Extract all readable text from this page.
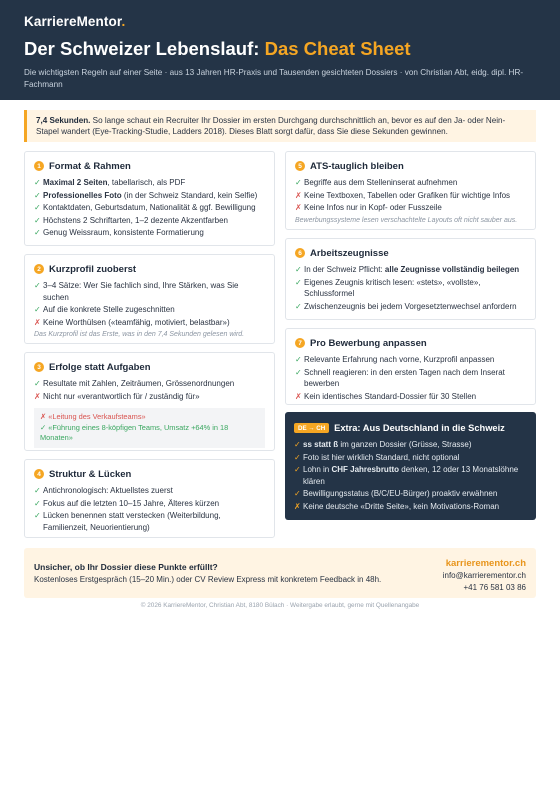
KarriereMentor.
Der Schweizer Lebenslauf: Das Cheat Sheet
Die wichtigsten Regeln auf einer Seite · aus 13 Jahren HR-Praxis und Tausenden gesichteten Dossiers · von Christian Abt, eidg. dipl. HR-Fachmann
7,4 Sekunden. So lange schaut ein Recruiter Ihr Dossier im ersten Durchgang durchschnittlich an, bevor es auf den Ja- oder Nein-Stapel wandert (Eye-Tracking-Studie, Ladders 2018). Dieses Blatt sorgt dafür, dass Sie diese Sekunden gewinnen.
1 Format & Rahmen
✓ Maximal 2 Seiten, tabellarisch, als PDF
✓ Professionelles Foto (in der Schweiz Standard, kein Selfie)
✓ Kontaktdaten, Geburtsdatum, Nationalität & ggf. Bewilligung
✓ Höchstens 2 Schriftarten, 1–2 dezente Akzentfarben
✓ Genug Weissraum, konsistente Formatierung
2 Kurzprofil zuoberst
✓ 3–4 Sätze: Wer Sie fachlich sind, Ihre Stärken, was Sie suchen
✓ Auf die konkrete Stelle zugeschnitten
✗ Keine Worthülsen («teamfähig, motiviert, belastbar»)
Das Kurzprofil ist das Erste, was in den 7,4 Sekunden gelesen wird.
3 Erfolge statt Aufgaben
✓ Resultate mit Zahlen, Zeiträumen, Grössenordnungen
✗ Nicht nur «verantwortlich für / zuständig für»
✗ «Leitung des Verkaufsteams»
✓ «Führung eines 8-köpfigen Teams, Umsatz +64% in 18 Monaten»
4 Struktur & Lücken
✓ Antichronologisch: Aktuellstes zuerst
✓ Fokus auf die letzten 10–15 Jahre, Älteres kürzen
✓ Lücken benennen statt verstecken (Weiterbildung, Familienzeit, Neuorientierung)
5 ATS-tauglich bleiben
✓ Begriffe aus dem Stelleninserat aufnehmen
✗ Keine Textboxen, Tabellen oder Grafiken für wichtige Infos
✗ Keine Infos nur in Kopf- oder Fusszeile
Bewerbungssysteme lesen verschachtelte Layouts oft nicht sauber aus.
6 Arbeitszeugnisse
✓ In der Schweiz Pflicht: alle Zeugnisse vollständig beilegen
✓ Eigenes Zeugnis kritisch lesen: «stets», «vollste», Schlussformel
✓ Zwischenzeugnis bei jedem Vorgesetztenwechsel anfordern
7 Pro Bewerbung anpassen
✓ Relevante Erfahrung nach vorne, Kurzprofil anpassen
✓ Schnell reagieren: in den ersten Tagen nach dem Inserat bewerben
✗ Kein identisches Standard-Dossier für 30 Stellen
DE → CH Extra: Aus Deutschland in die Schweiz
✓ ss statt ß im ganzen Dossier (Grüsse, Strasse)
✓ Foto ist hier wirklich Standard, nicht optional
✓ Lohn in CHF Jahresbrutto denken, 12 oder 13 Monatslöhne klären
✓ Bewilligungsstatus (B/C/EU-Bürger) proaktiv erwähnen
✗ Keine deutsche «Dritte Seite», kein Motivations-Roman
Unsicher, ob Ihr Dossier diese Punkte erfüllt?
Kostenloses Erstgespräch (15–20 Min.) oder CV Review Express mit konkretem Feedback in 48h.
karrierementor.ch
info@karrierementor.ch
+41 76 581 03 86
© 2026 KarriereMentor, Christian Abt, 8180 Bülach · Weitergabe erlaubt, gerne mit Quellenangabe
